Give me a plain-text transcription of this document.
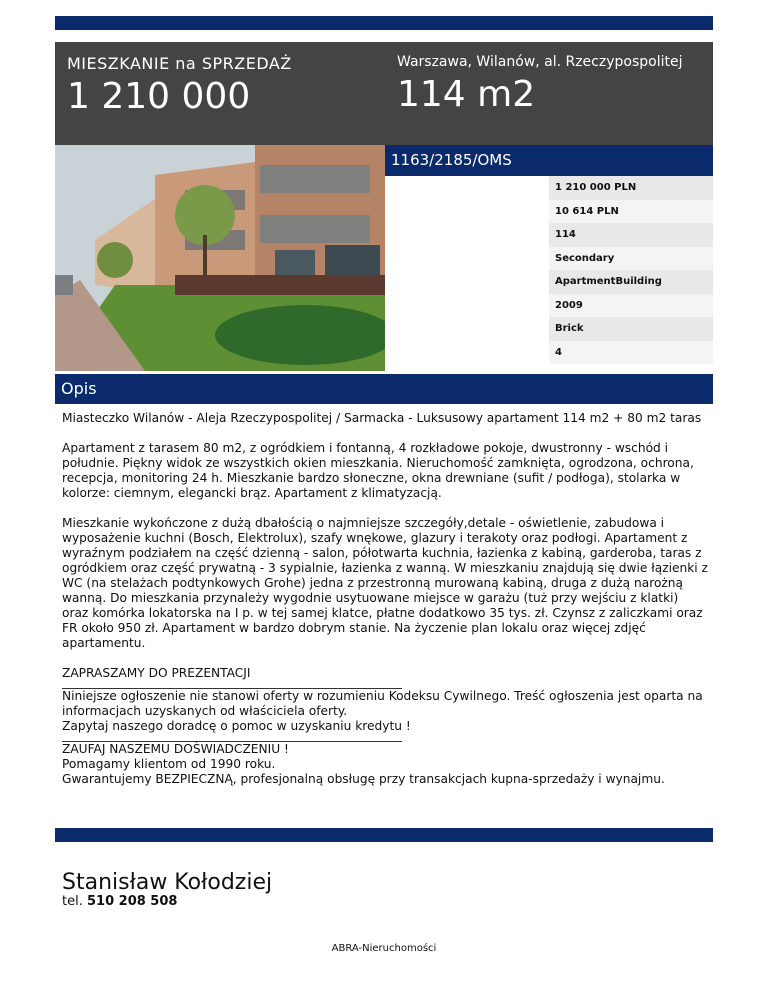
MIESZKANIE na SPRZEDAŻ
1 210 000
Warszawa, Wilanów, al. Rzeczypospolitej
114 m2
1163/2185/OMS
1 210 000 PLN
10 614 PLN
114
Secondary
ApartmentBuilding
2009
Brick
4
Opis

Miasteczko Wilanów - Aleja Rzeczypospolitej / Sarmacka - Luksusowy apartament 114 m2 + 80 m2 taras

Apartament z tarasem 80 m2, z ogródkiem i fontanną, 4 rozkładowe pokoje, dwustronny - wschód i południe. Piękny widok ze wszystkich okien mieszkania. Nieruchomość zamknięta, ogrodzona, ochrona, recepcja, monitoring 24 h. Mieszkanie bardzo słoneczne, okna drewniane (sufit / podłoga), stolarka w kolorze: ciemnym, elegancki brąz. Apartament z klimatyzacją.

Mieszkanie wykończone z dużą dbałością o najmniejsze szczegóły,detale - oświetlenie, zabudowa i wyposażenie kuchni (Bosch, Elektrolux), szafy wnękowe, glazury i terakoty oraz podłogi. Apartament z wyraźnym podziałem na część dzienną - salon, półotwarta kuchnia, łazienka z kabiną, garderoba, taras z ogródkiem oraz część prywatną - 3 sypialnie, łazienka z wanną. W mieszkaniu znajdują się dwie łązienki z WC (na stelażach podtynkowych Grohe) jedna z przestronną murowaną kabiną, druga z dużą narożną wanną. Do mieszkania przynależy wygodnie usytuowane miejsce w garażu (tuż przy wejściu z klatki) oraz komórka lokatorska na I p. w tej samej klatce, płatne dodatkowo 35 tys. zł. Czynsz z zaliczkami oraz FR około 950 zł. Apartament w bardzo dobrym stanie. Na życzenie plan lokalu oraz więcej zdjęć apartamentu.

ZAPRASZAMY DO PREZENTACJI

Niniejsze ogłoszenie nie stanowi oferty w rozumieniu Kodeksu Cywilnego. Treść ogłoszenia jest oparta na informacjach uzyskanych od właściciela oferty.

Zapytaj naszego doradcę o pomoc w uzyskaniu kredytu !

ZAUFAJ NASZEMU DOŚWIADCZENIU !

Pomagamy klientom od 1990 roku.

Gwarantujemy BEZPIECZNĄ, profesjonalną obsługę przy transakcjach kupna-sprzedaży i wynajmu.

Stanisław Kołodziej
tel. 510 208 508
ABRA-Nieruchomości
